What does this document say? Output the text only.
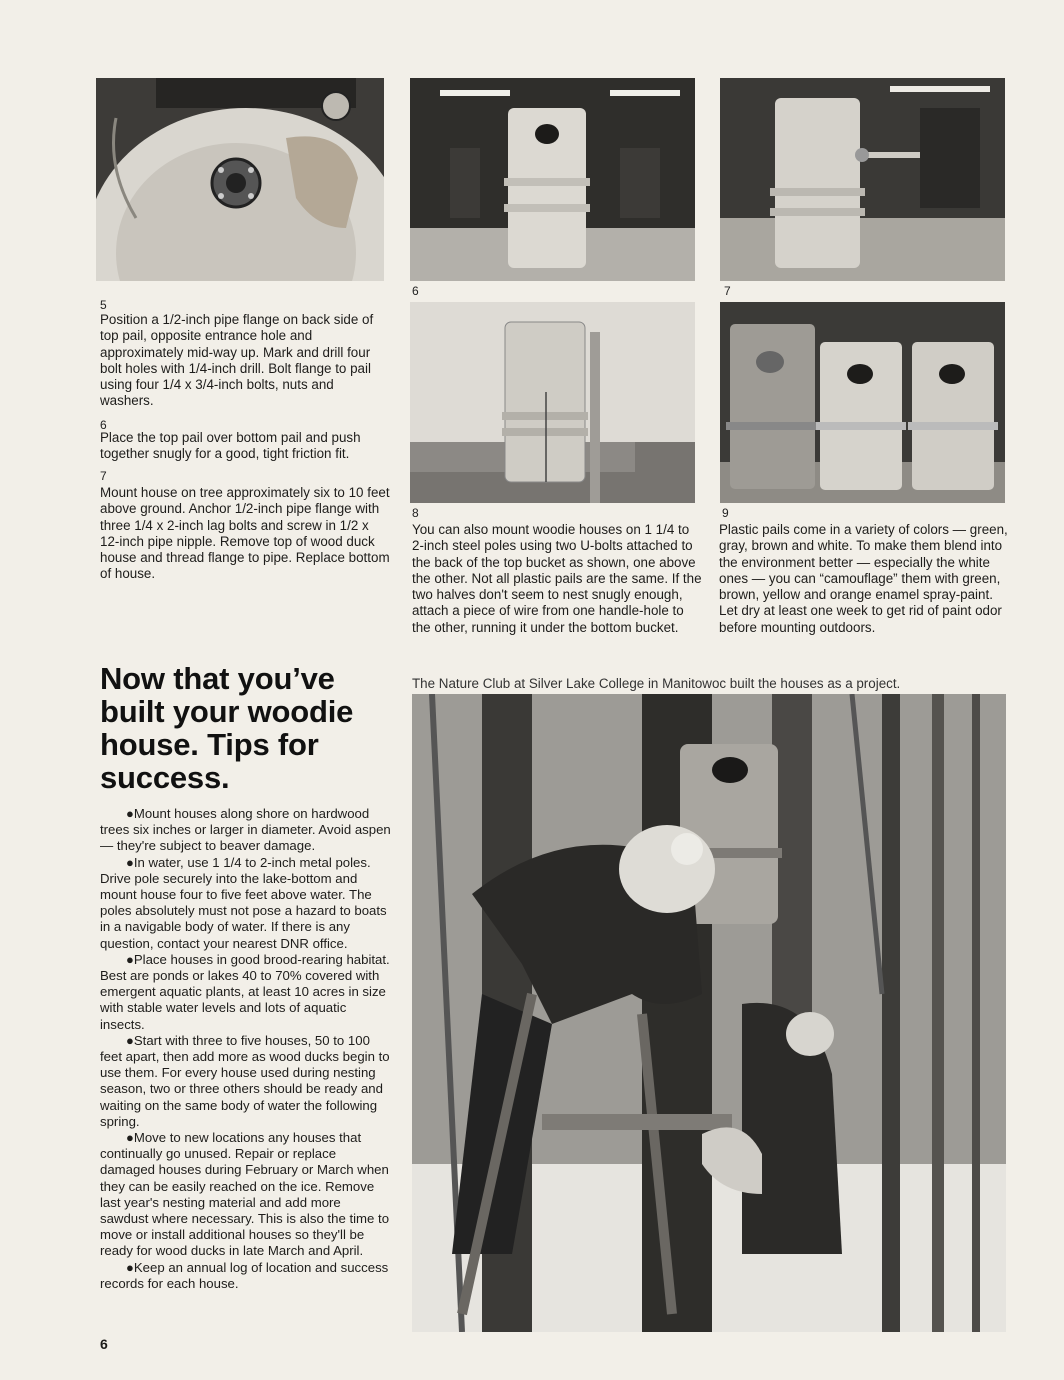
5
Position a 1/2-inch pipe flange on back side of top pail, opposite entrance hole and approximately mid-way up. Mark and drill four bolt holes with 1/4-inch drill. Bolt flange to pail using four 1/4 x 3/4-inch bolts, nuts and washers.
6
Place the top pail over bottom pail and push together snugly for a good, tight friction fit.
7
Mount house on tree approximately six to 10 feet above ground. Anchor 1/2-inch pipe flange with three 1/4 x 2-inch lag bolts and screw in 1/2 x 12-inch pipe nipple. Remove top of wood duck house and thread flange to pipe. Replace bottom of house.
6	7
8
You can also mount woodie houses on 1 1/4 to 2-inch steel poles using two U-bolts attached to the back of the top bucket as shown, one above the other. Not all plastic pails are the same. If the two halves don't seem to nest snugly enough, attach a piece of wire from one handle-hole to the other, running it under the bottom bucket.
9
Plastic pails come in a variety of colors — green, gray, brown and white. To make them blend into the environment better — especially the white ones — you can “camouflage” them with green, brown, yellow and orange enamel spray-paint. Let dry at least one week to get rid of paint odor before mounting outdoors.
Now that you’ve built your woodie house. Tips for success.

●Mount houses along shore on hardwood trees six inches or larger in diameter. Avoid aspen — they're subject to beaver damage.

●In water, use 1 1/4 to 2-inch metal poles. Drive pole securely into the lake-bottom and mount house four to five feet above water. The poles absolutely must not pose a hazard to boats in a navigable body of water. If there is any question, contact your nearest DNR office.

●Place houses in good brood-rearing habitat. Best are ponds or lakes 40 to 70% covered with emergent aquatic plants, at least 10 acres in size with stable water levels and lots of aquatic insects.

●Start with three to five houses, 50 to 100 feet apart, then add more as wood ducks begin to use them. For every house used during nesting season, two or three others should be ready and waiting on the same body of water the following spring.

●Move to new locations any houses that continually go unused. Repair or replace damaged houses during February or March when they can be easily reached on the ice. Remove last year's nesting material and add more sawdust where necessary. This is also the time to move or install additional houses so they'll be ready for wood ducks in late March and April.

●Keep an annual log of location and success records for each house.

6
The Nature Club at Silver Lake College in Manitowoc built the houses as a project.
